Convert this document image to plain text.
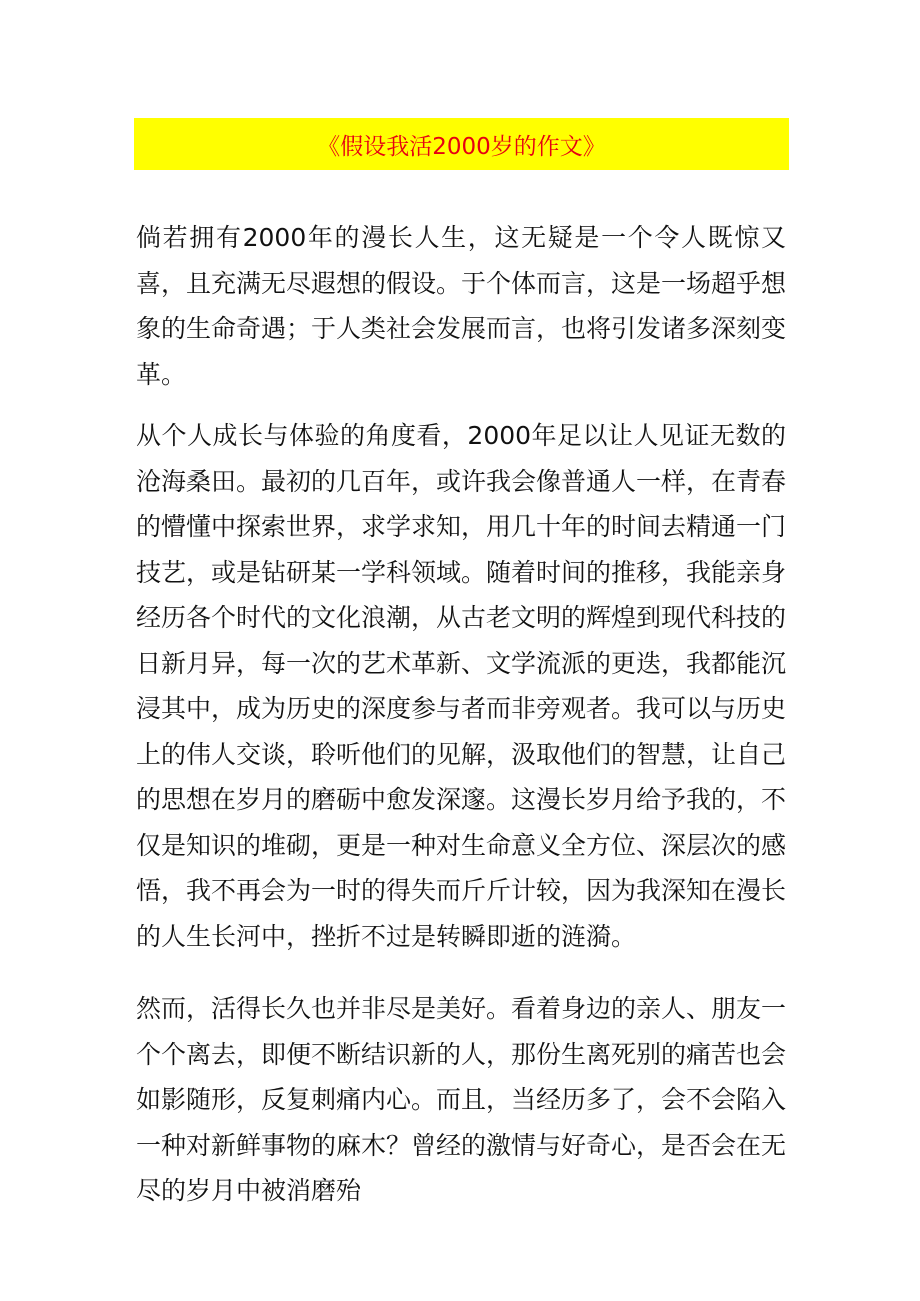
《假设我活2000岁的作文》

倘若拥有2000年的漫长人生，这无疑是一个令人既惊又喜，且充满无尽遐想的假设。于个体而言，这是一场超乎想象的生命奇遇；于人类社会发展而言，也将引发诸多深刻变革。

从个人成长与体验的角度看，2000年足以让人见证无数的沧海桑田。最初的几百年，或许我会像普通人一样，在青春的懵懂中探索世界，求学求知，用几十年的时间去精通一门技艺，或是钻研某一学科领域。随着时间的推移，我能亲身经历各个时代的文化浪潮，从古老文明的辉煌到现代科技的日新月异，每一次的艺术革新、文学流派的更迭，我都能沉浸其中，成为历史的深度参与者而非旁观者。我可以与历史上的伟人交谈，聆听他们的见解，汲取他们的智慧，让自己的思想在岁月的磨砺中愈发深邃。这漫长岁月给予我的，不仅是知识的堆砌，更是一种对生命意义全方位、深层次的感悟，我不再会为一时的得失而斤斤计较，因为我深知在漫长的人生长河中，挫折不过是转瞬即逝的涟漪。

然而，活得长久也并非尽是美好。看着身边的亲人、朋友一个个离去，即便不断结识新的人，那份生离死别的痛苦也会如影随形，反复刺痛内心。而且，当经历多了，会不会陷入一种对新鲜事物的麻木？曾经的激情与好奇心，是否会在无尽的岁月中被消磨殆
